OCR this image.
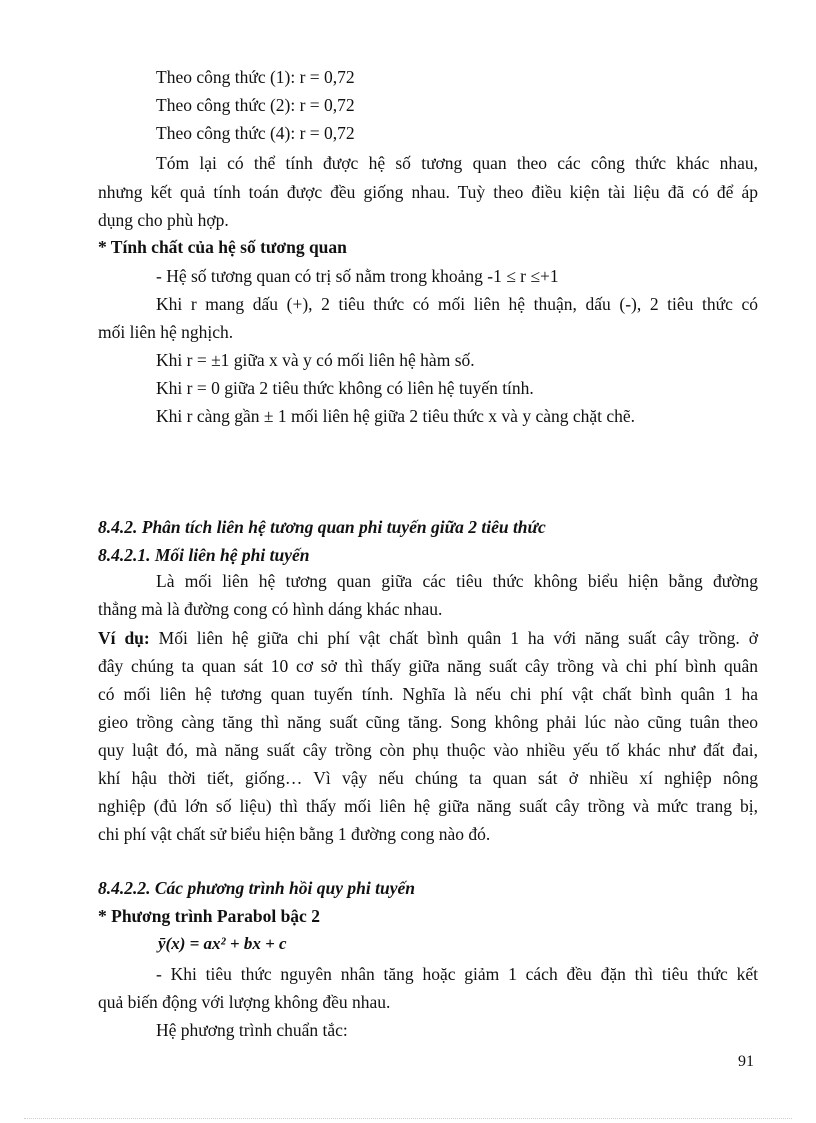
Theo công thức (1): r = 0,72
Theo công thức (2): r = 0,72
Theo công thức (4): r = 0,72
Tóm lại có thể tính được hệ số tương quan theo các công thức khác nhau,
nhưng kết quả tính toán được đều giống nhau. Tuỳ theo điều kiện tài liệu đã có để áp
dụng cho phù hợp.
* Tính chất của hệ số tương quan
- Hệ số tương quan có trị số nằm trong khoảng -1 ≤ r ≤+1
Khi r mang dấu (+), 2 tiêu thức có mối liên hệ thuận, dấu (-), 2 tiêu thức có
mối liên hệ nghịch.
Khi r = ±1 giữa x và y có mối liên hệ hàm số.
Khi r = 0 giữa 2 tiêu thức không có liên hệ tuyến tính.
Khi r càng gần ± 1 mối liên hệ giữa 2 tiêu thức x và y càng chặt chẽ.
8.4.2. Phân tích liên hệ tương quan phi tuyến giữa 2 tiêu thức
8.4.2.1. Mối liên hệ phi tuyến
Là mối liên hệ tương quan giữa các tiêu thức không biểu hiện bằng đường
thẳng mà là đường cong có hình dáng khác nhau.
Ví dụ: Mối liên hệ giữa chi phí vật chất bình quân 1 ha với năng suất cây trồng. ở
đây chúng ta quan sát 10 cơ sở thì thấy giữa năng suất cây trồng và chi phí bình quân
có mối liên hệ tương quan tuyến tính. Nghĩa là nếu chi phí vật chất bình quân 1 ha
gieo trồng càng tăng thì năng suất cũng tăng. Song không phải lúc nào cũng tuân theo
quy luật đó, mà năng suất cây trồng còn phụ thuộc vào nhiều yếu tố khác như đất đai,
khí hậu thời tiết, giống… Vì vậy nếu chúng ta quan sát ở nhiều xí nghiệp nông
nghiệp (đủ lớn số liệu) thì thấy mối liên hệ giữa năng suất cây trồng và mức trang bị,
chi phí vật chất sử biểu hiện bằng 1 đường cong nào đó.
8.4.2.2. Các phương trình hồi quy phi tuyến
* Phương trình Parabol bậc 2
ȳ(x) = ax² + bx + c
- Khi tiêu thức nguyên nhân tăng hoặc giảm 1 cách đều đặn thì tiêu thức kết
quả biến động với lượng không đều nhau.
Hệ phương trình chuẩn tắc:
91
